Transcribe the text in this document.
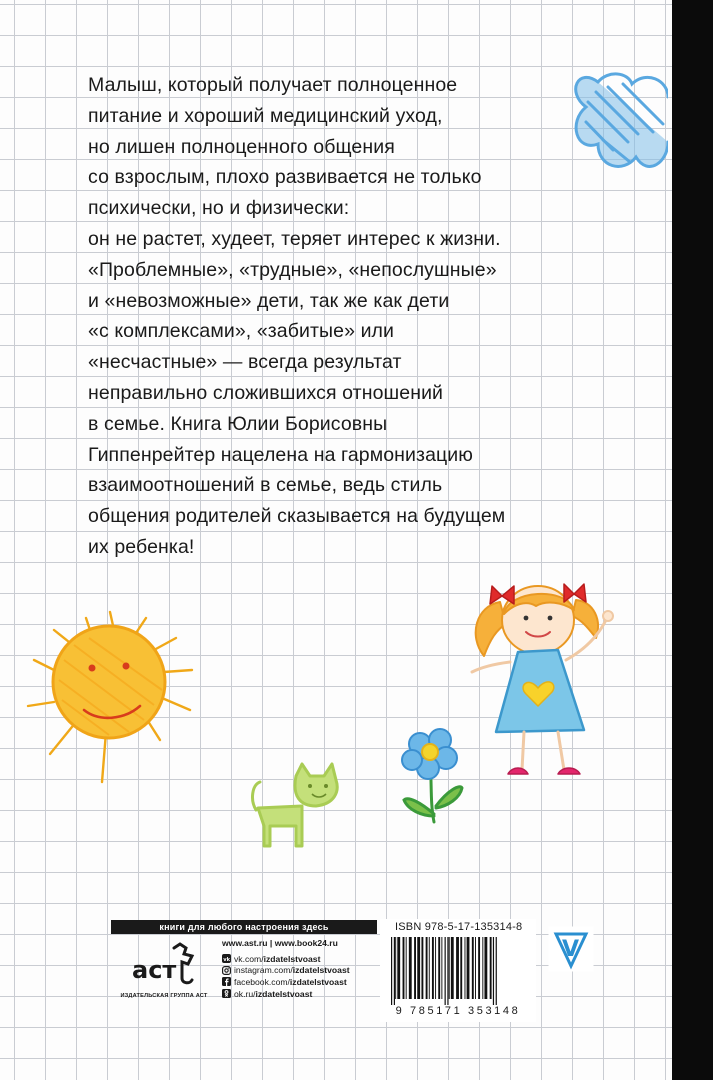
Малыш, который получает полноценное

питание и хороший медицинский уход,

но лишен полноценного общения

со взрослым, плохо развивается не только

психически, но и физически:

он не растет, худеет, теряет интерес к жизни.

«Проблемные», «трудные», «непослушные»

и «невозможные» дети, так же как дети

«с комплексами», «забитые» или

«несчастные» — всегда результат

неправильно сложившихся отношений

в семье. Книга Юлии Борисовны

Гиппенрейтер нацелена на гармонизацию

взаимоотношений в семье, ведь стиль

общения родителей сказывается на будущем

их ребенка!

книги для любого настроения здесь
аст
ИЗДАТЕЛЬСКАЯ ГРУППА АСТ
www.ast.ru | www.book24.ru
vk vk.com/ izdatelstvoast
instagram.com/ izdatelstvoast
facebook.com/ izdatelstvoast
ok.ru/ izdatelstvoast
ISBN 978-5-17-135314-8
9 785171 353148
V
